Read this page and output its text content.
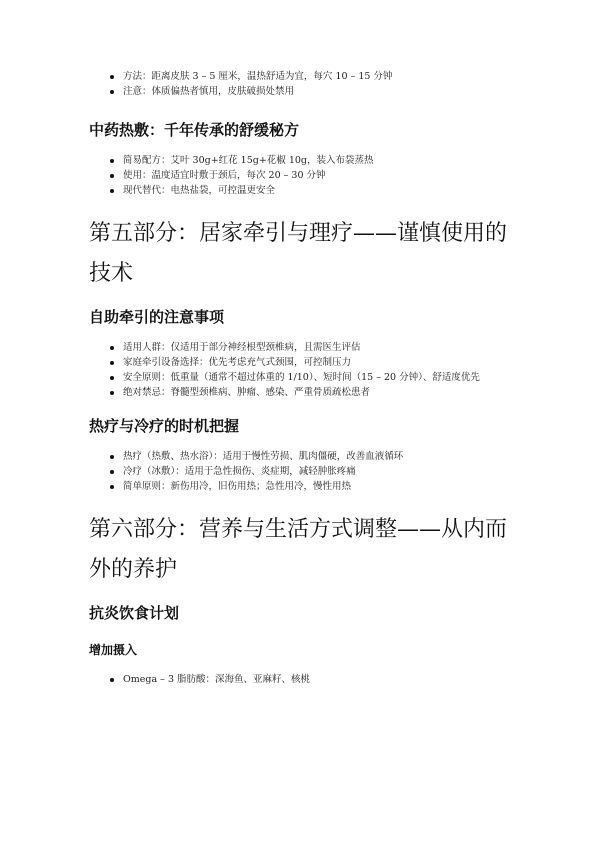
方法：距离皮肤 3 – 5 厘米，温热舒适为宜，每穴 10 – 15 分钟
注意：体质偏热者慎用，皮肤破损处禁用
中药热敷：千年传承的舒缓秘方
简易配方：艾叶 30g+红花 15g+花椒 10g，装入布袋蒸热
使用：温度适宜时敷于颈后，每次 20 – 30 分钟
现代替代：电热盐袋，可控温更安全
第五部分：居家牵引与理疗——谨慎使用的技术
自助牵引的注意事项
适用人群：仅适用于部分神经根型颈椎病，且需医生评估
家庭牵引设备选择：优先考虑充气式颈围，可控制压力
安全原则：低重量（通常不超过体重的 1/10）、短时间（15 – 20 分钟）、舒适度优先
绝对禁忌：脊髓型颈椎病、肿瘤、感染、严重骨质疏松患者
热疗与冷疗的时机把握
热疗（热敷、热水浴）：适用于慢性劳损、肌肉僵硬，改善血液循环
冷疗（冰敷）：适用于急性损伤、炎症期，减轻肿胀疼痛
简单原则：新伤用冷，旧伤用热；急性用冷，慢性用热
第六部分：营养与生活方式调整——从内而外的养护
抗炎饮食计划
增加摄入
Omega – 3 脂肪酸：深海鱼、亚麻籽、核桃
